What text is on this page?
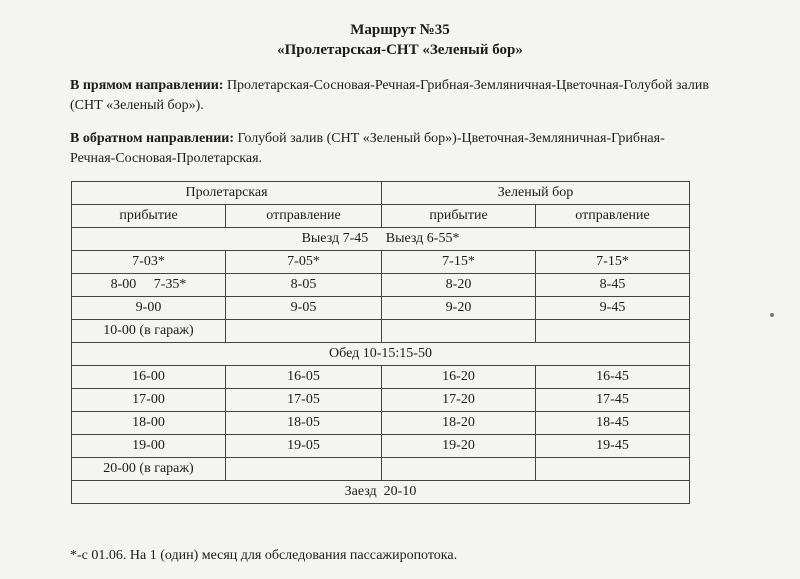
Маршрут №35
«Пролетарская-СНТ «Зеленый бор»
В прямом направлении: Пролетарская-Сосновая-Речная-Грибная-Земляничная-Цветочная-Голубой залив (СНТ «Зеленый бор»).
В обратном направлении: Голубой залив (СНТ «Зеленый бор»)-Цветочная-Земляничная-Грибная-Речная-Сосновая-Пролетарская.
Пролетарская		Зеленый бор	
прибытие	отправление	прибытие	отправление
Выезд 7-45     Выезд 6-55*			
7-03*	7-05*	7-15*	7-15*
8-00     7-35*	8-05	8-20	8-45
9-00	9-05	9-20	9-45
10-00 (в гараж)			
Обед 10-15:15-50			
16-00	16-05	16-20	16-45
17-00	17-05	17-20	17-45
18-00	18-05	18-20	18-45
19-00	19-05	19-20	19-45
20-00 (в гараж)			
Заезд  20-10			
*-с 01.06. На 1 (один) месяц для обследования пассажиропотока.
